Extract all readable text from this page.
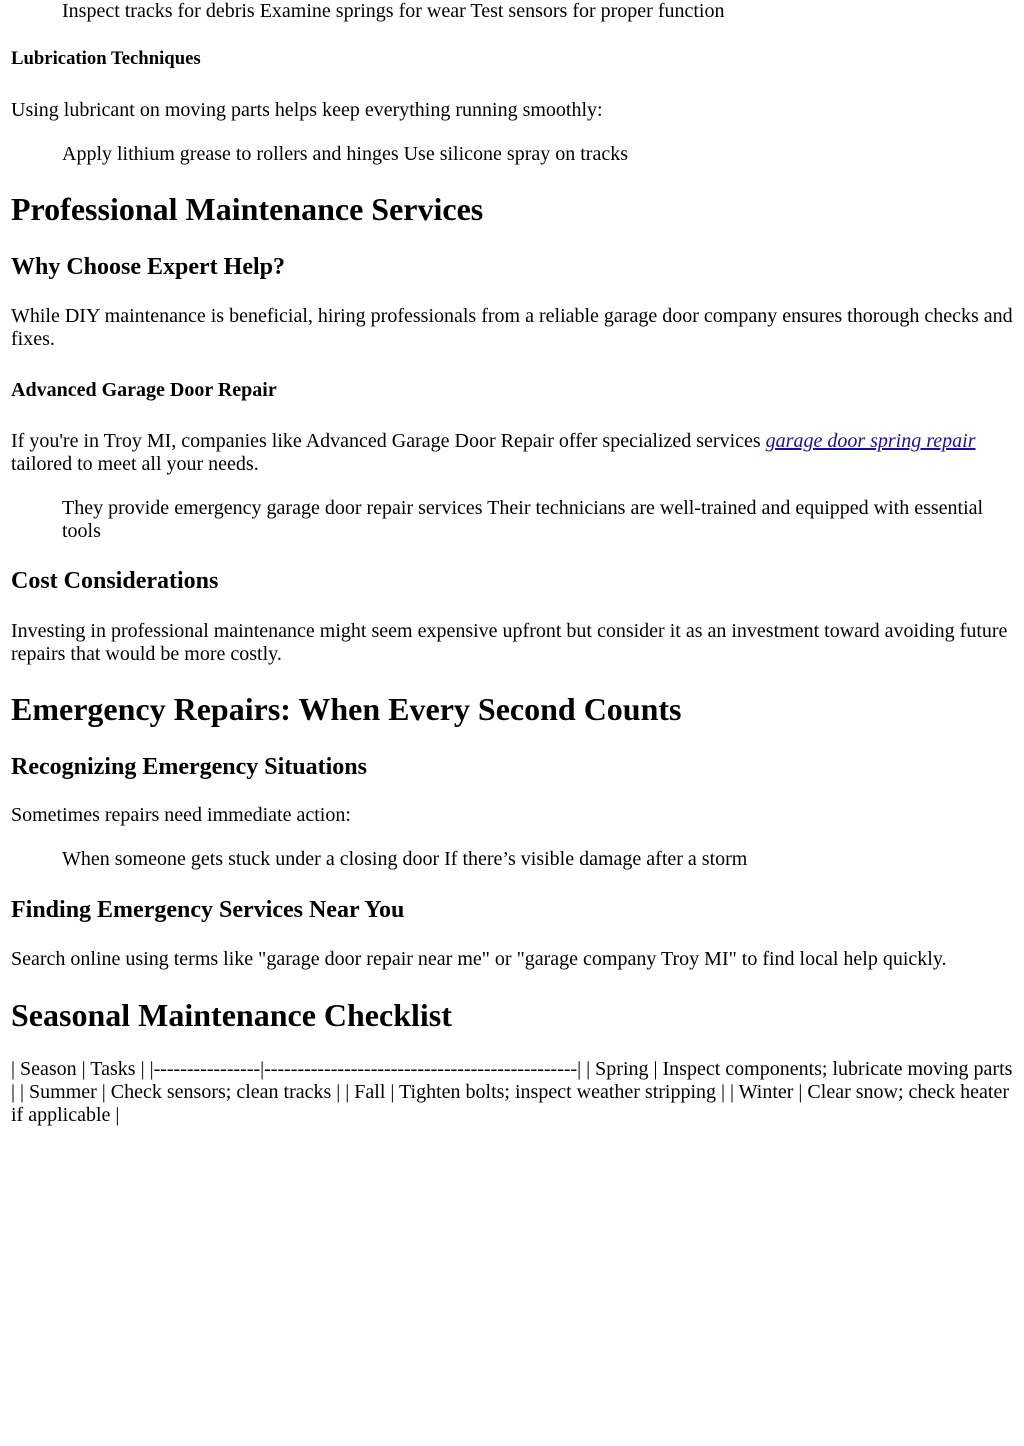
Inspect tracks for debris Examine springs for wear Test sensors for proper function

Lubrication Techniques

Using lubricant on moving parts helps keep everything running smoothly:

Apply lithium grease to rollers and hinges Use silicone spray on tracks

Professional Maintenance Services
Why Choose Expert Help?

While DIY maintenance is beneficial, hiring professionals from a reliable garage door company ensures thorough checks and fixes.

Advanced Garage Door Repair

If you're in Troy MI, companies like Advanced Garage Door Repair offer specialized services garage door spring repair tailored to meet all your needs.

They provide emergency garage door repair services Their technicians are well-trained and equipped with essential tools

Cost Considerations

Investing in professional maintenance might seem expensive upfront but consider it as an investment toward avoiding future repairs that would be more costly.

Emergency Repairs: When Every Second Counts
Recognizing Emergency Situations

Sometimes repairs need immediate action:

When someone gets stuck under a closing door If there’s visible damage after a storm

Finding Emergency Services Near You

Search online using terms like "garage door repair near me" or "garage company Troy MI" to find local help quickly.

Seasonal Maintenance Checklist

| Season | Tasks | |----------------|-----------------------------------------------| | Spring | Inspect components; lubricate moving parts | | Summer | Check sensors; clean tracks | | Fall | Tighten bolts; inspect weather stripping | | Winter | Clear snow; check heater if applicable |
